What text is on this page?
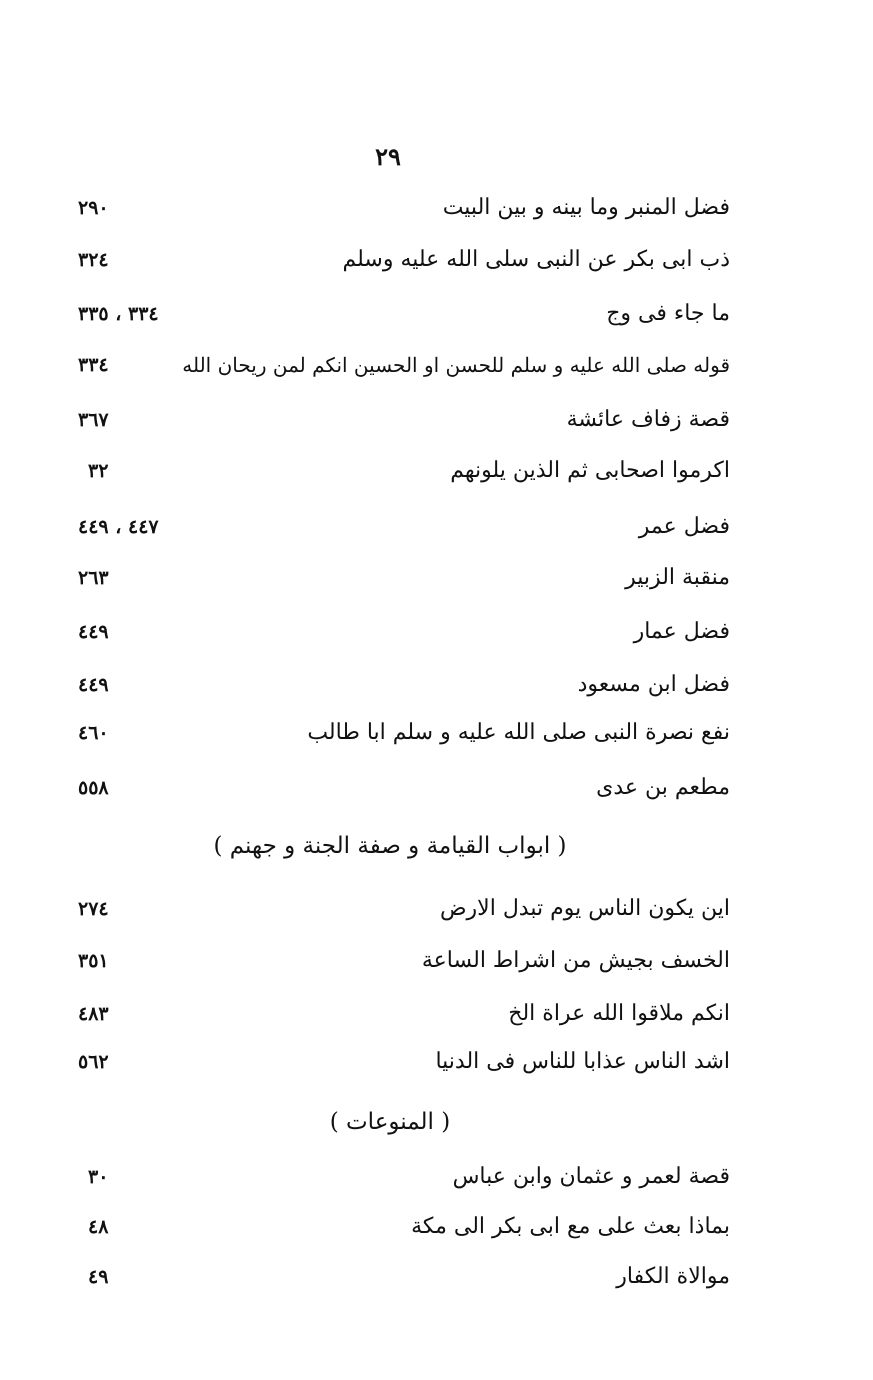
٢٩
فضل المنبر وما بينه و بين البيت
٢٩٠
ذب ابى بكر عن النبى سلى الله عليه وسلم
٣٢٤
ما جاء فى وج
٣٣٤ ، ٣٣٥
قوله صلى الله عليه و سلم للحسن او الحسين انكم لمن ريحان الله
٣٣٤
قصة زفاف عائشة
٣٦٧
اكرموا اصحابى ثم الذين يلونهم
٣٢
فضل عمر
٤٤٧ ، ٤٤٩
منقبة الزبير
٢٦٣
فضل عمار
٤٤٩
فضل ابن مسعود
٤٤٩
نفع نصرة النبى صلى الله عليه و سلم ابا طالب
٤٦٠
مطعم بن عدى
٥٥٨
( ابواب القيامة و صفة الجنة و جهنم )
اين يكون الناس يوم تبدل الارض
٢٧٤
الخسف بجيش من اشراط الساعة
٣٥١
انكم ملاقوا الله عراة الخ
٤٨٣
اشد الناس عذابا للناس فى الدنيا
٥٦٢
( المنوعات )
قصة لعمر و عثمان وابن عباس
٣٠
بماذا بعث على مع ابى بكر الى مكة
٤٨
موالاة الكفار
٤٩
